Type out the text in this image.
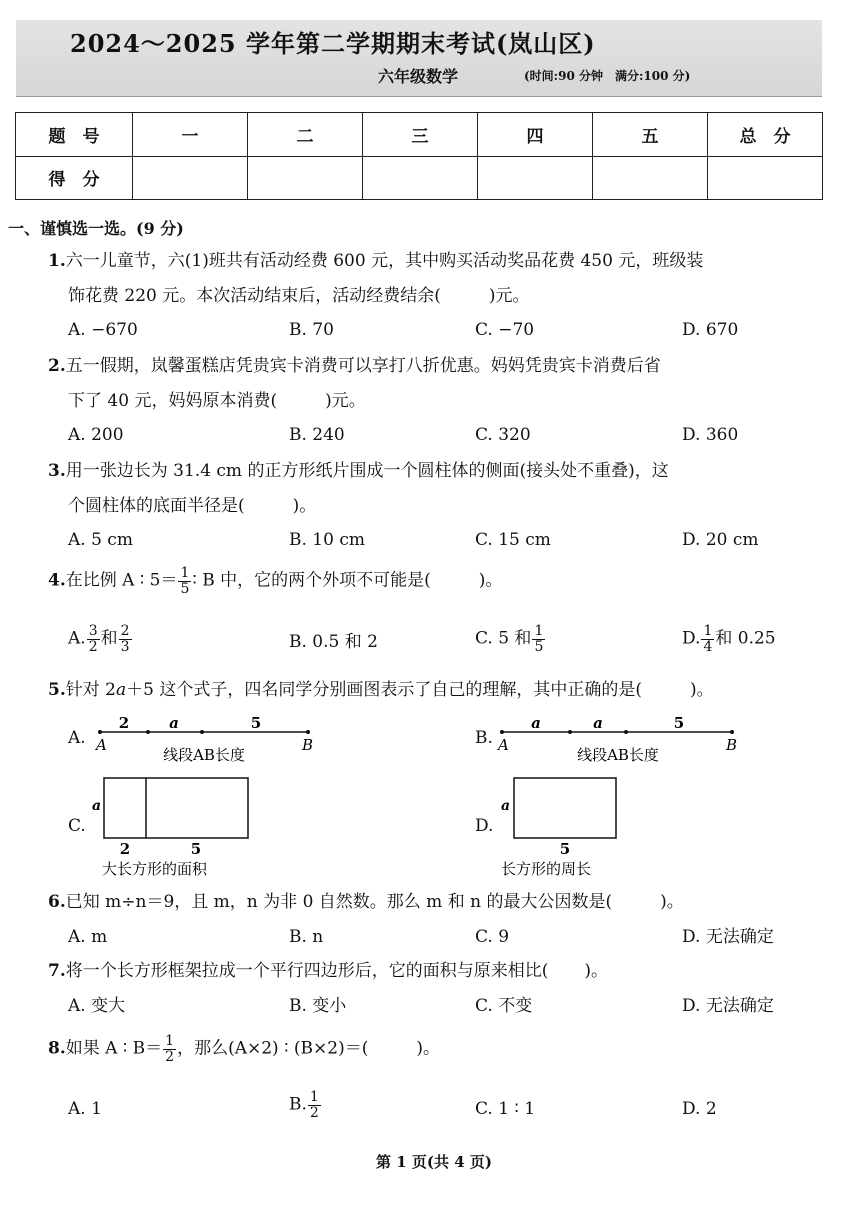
2024～2025 学年第二学期期末考试(岚山区)
六年级数学	(时间:90 分钟　满分:100 分)
题　号	一	二	三	四	五	总　分
得　分						
一、谨慎选一选。(9 分)
1.六一儿童节，六(1)班共有活动经费 600 元，其中购买活动奖品花费 450 元，班级装
饰花费 220 元。本次活动结束后，活动经费结余(	)元。
A. −670	B. 70	C. −70	D. 670
2.五一假期，岚馨蛋糕店凭贵宾卡消费可以享打八折优惠。妈妈凭贵宾卡消费后省
下了 40 元，妈妈原本消费(	)元。
A. 200	B. 240	C. 320	D. 360
3.用一张边长为 31.4 cm 的正方形纸片围成一个圆柱体的侧面(接头处不重叠)，这
个圆柱体的底面半径是(	)。
A. 5 cm	B. 10 cm	C. 15 cm	D. 20 cm
4.在比例 A ∶ $5= \frac{1}{5}$ ∶ B 中，它的两个外项不可能是(	)。
A. $\frac{3}{2}$ 和 $\frac{2}{3}$	B. 0.5 和 2	C. 5 和 $\frac{1}{5}$	D. $\frac{1}{4}$ 和 0.25
5.针对 2a＋5 这个式子，四名同学分别画图表示了自己的理解，其中正确的是(	)。
A.
2	a	5
A	B
线段AB长度
B.
a	a	5
A	B
线段AB长度
C.
a
2	5
大长方形的面积
D.
a
5
长方形的周长
6.已知 m÷n＝9，且 m，n 为非 0 自然数。那么 m 和 n 的最大公因数是(	)。
A. m	B. n	C. 9	D. 无法确定
7.将一个长方形框架拉成一个平行四边形后，它的面积与原来相比( )。
A. 变大	B. 变小	C. 不变	D. 无法确定
8.如果 A ∶ $B= \frac{1}{2}$ ，那么(A×2) ∶ (B×2)＝(	)。
A. 1	B. $\frac{1}{2}$	C. 1 ∶ 1	D. 2
第 1 页(共 4 页)
